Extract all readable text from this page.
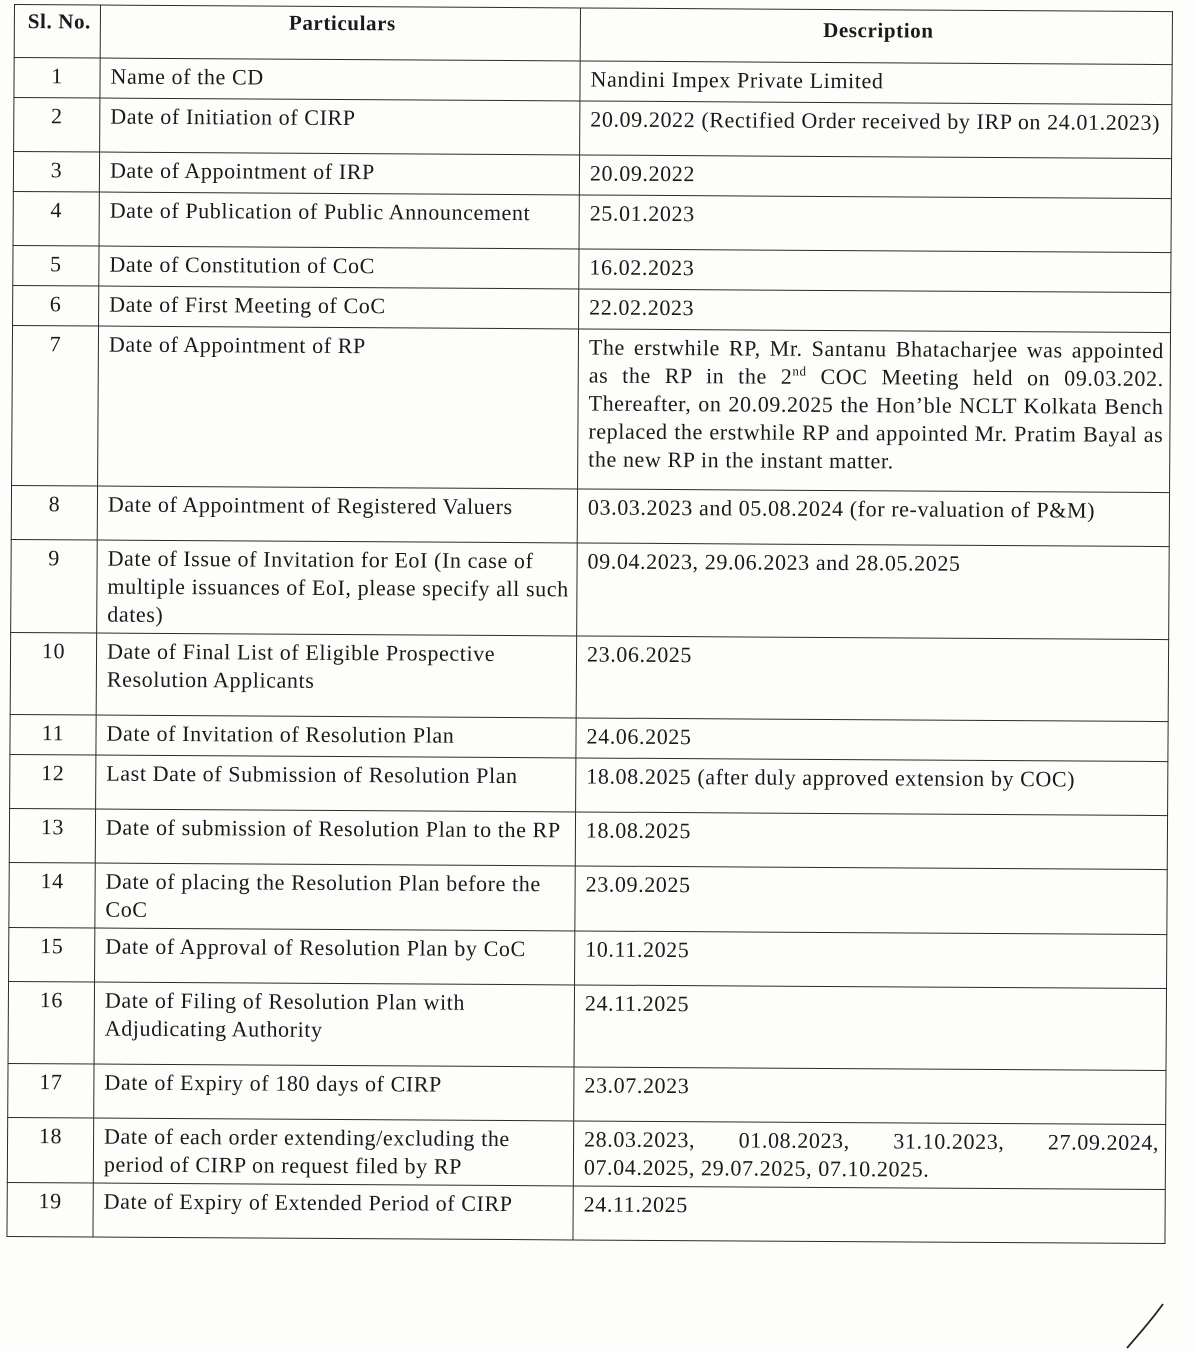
Sl. No.	Particulars	Description
1	Name of the CD	Nandini Impex Private Limited
2	Date of Initiation of CIRP	20.09.2022 (Rectified Order received by IRP on 24.01.2023)
3	Date of Appointment of IRP	20.09.2022
4	Date of Publication of Public Announcement	25.01.2023
5	Date of Constitution of CoC	16.02.2023
6	Date of First Meeting of CoC	22.02.2023
7	Date of Appointment of RP	The erstwhile RP, Mr. Santanu Bhatacharjee was appointed as the RP in the 2nd COC Meeting held on 09.03.202. Thereafter, on 20.09.2025 the Hon’ble NCLT Kolkata Bench replaced the erstwhile RP and appointed Mr. Pratim Bayal as the new RP in the instant matter.
8	Date of Appointment of Registered Valuers	03.03.2023 and 05.08.2024 (for re-valuation of P&M)
9	Date of Issue of Invitation for EoI (In case of multiple issuances of EoI, please specify all such dates)	09.04.2023, 29.06.2023 and 28.05.2025
10	Date of Final List of Eligible Prospective Resolution Applicants	23.06.2025
11	Date of Invitation of Resolution Plan	24.06.2025
12	Last Date of Submission of Resolution Plan	18.08.2025 (after duly approved extension by COC)
13	Date of submission of Resolution Plan to the RP	18.08.2025
14	Date of placing the Resolution Plan before the CoC	23.09.2025
15	Date of Approval of Resolution Plan by CoC	10.11.2025
16	Date of Filing of Resolution Plan with Adjudicating Authority	24.11.2025
17	Date of Expiry of 180 days of CIRP	23.07.2023
18	Date of each order extending/excluding the period of CIRP on request filed by RP	28.03.2023, 01.08.2023, 31.10.2023, 27.09.2024, 07.04.2025, 29.07.2025, 07.10.2025.
19	Date of Expiry of Extended Period of CIRP	24.11.2025
